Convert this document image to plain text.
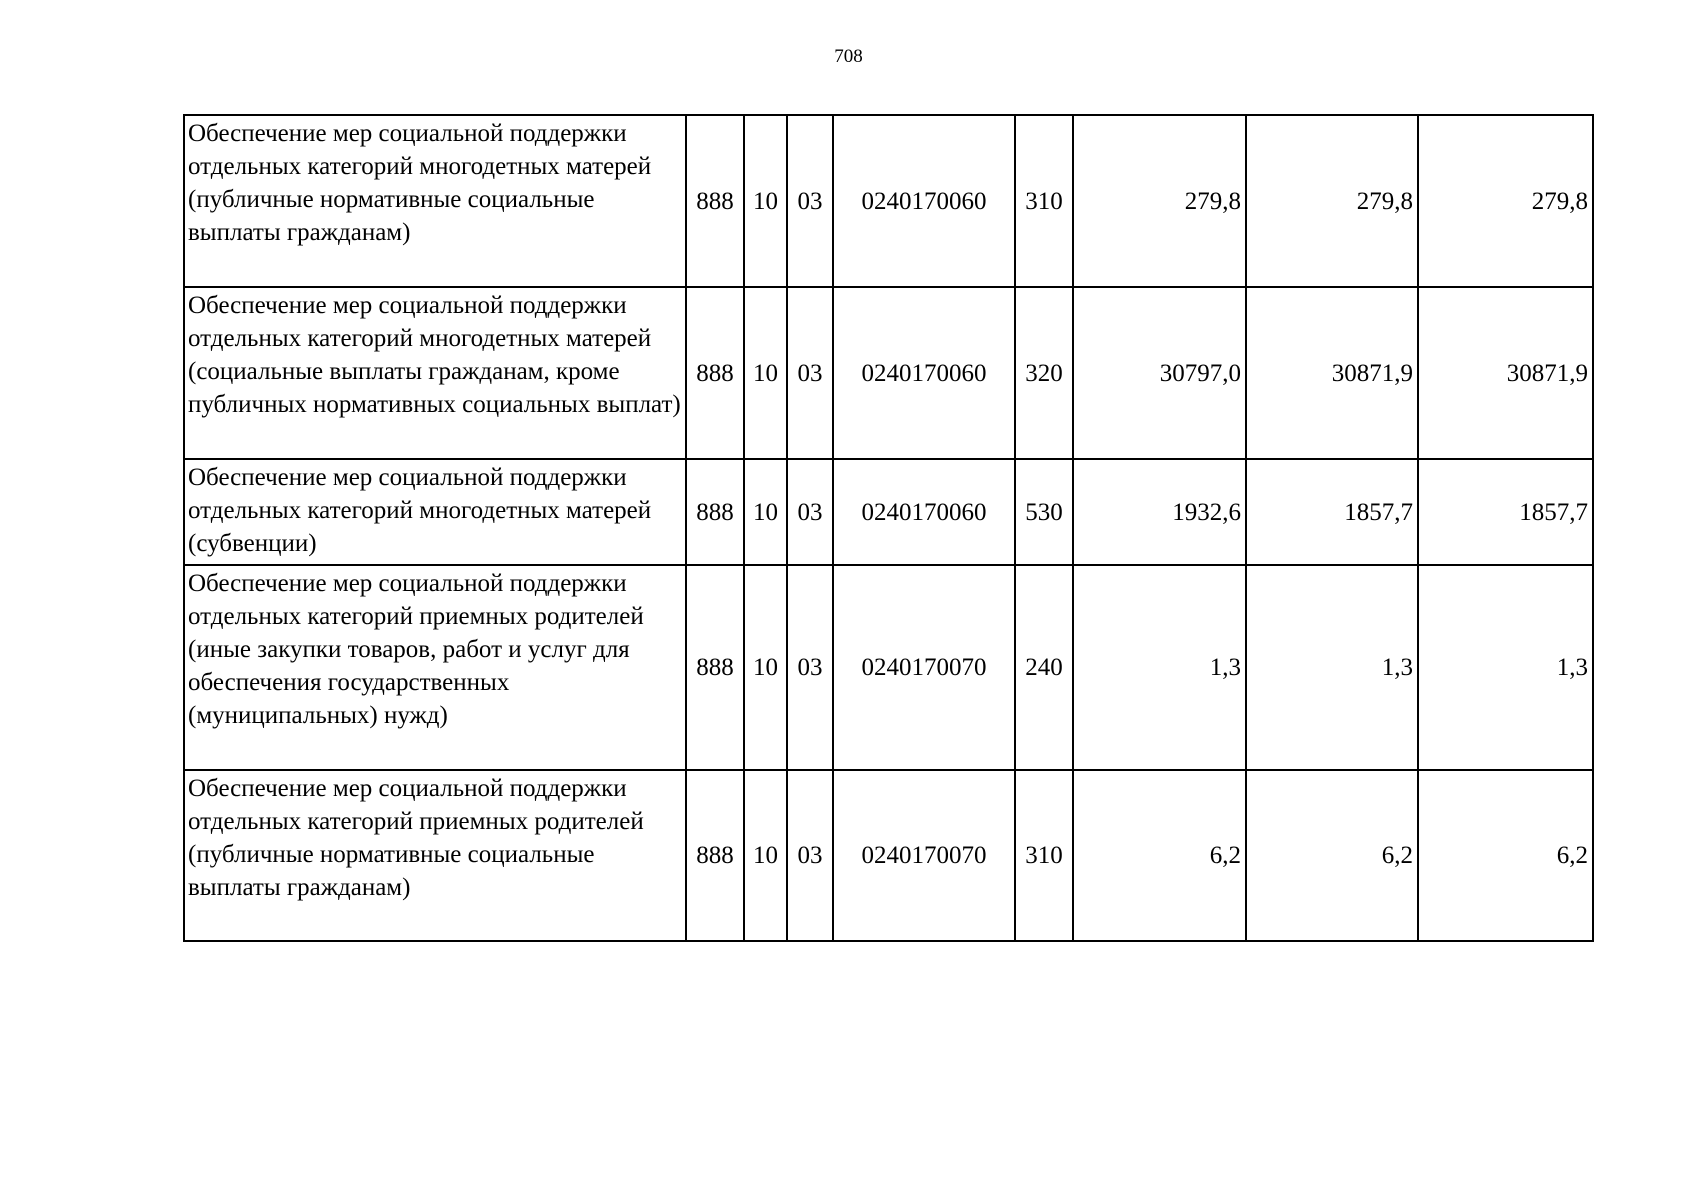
708
Обеспечение мер социальной поддержки отдельных категорий многодетных матерей (публичные нормативные социальные выплаты гражданам)	888	10	03	0240170060	310	279,8	279,8	279,8
Обеспечение мер социальной поддержки отдельных категорий многодетных матерей (социальные выплаты гражданам, кроме публичных нормативных социальных выплат)	888	10	03	0240170060	320	30797,0	30871,9	30871,9
Обеспечение мер социальной поддержки отдельных категорий многодетных матерей (субвенции)	888	10	03	0240170060	530	1932,6	1857,7	1857,7
Обеспечение мер социальной поддержки отдельных категорий приемных родителей (иные закупки товаров, работ и услуг для обеспечения государственных (муниципальных) нужд)	888	10	03	0240170070	240	1,3	1,3	1,3
Обеспечение мер социальной поддержки отдельных категорий приемных родителей (публичные нормативные социальные выплаты гражданам)	888	10	03	0240170070	310	6,2	6,2	6,2
